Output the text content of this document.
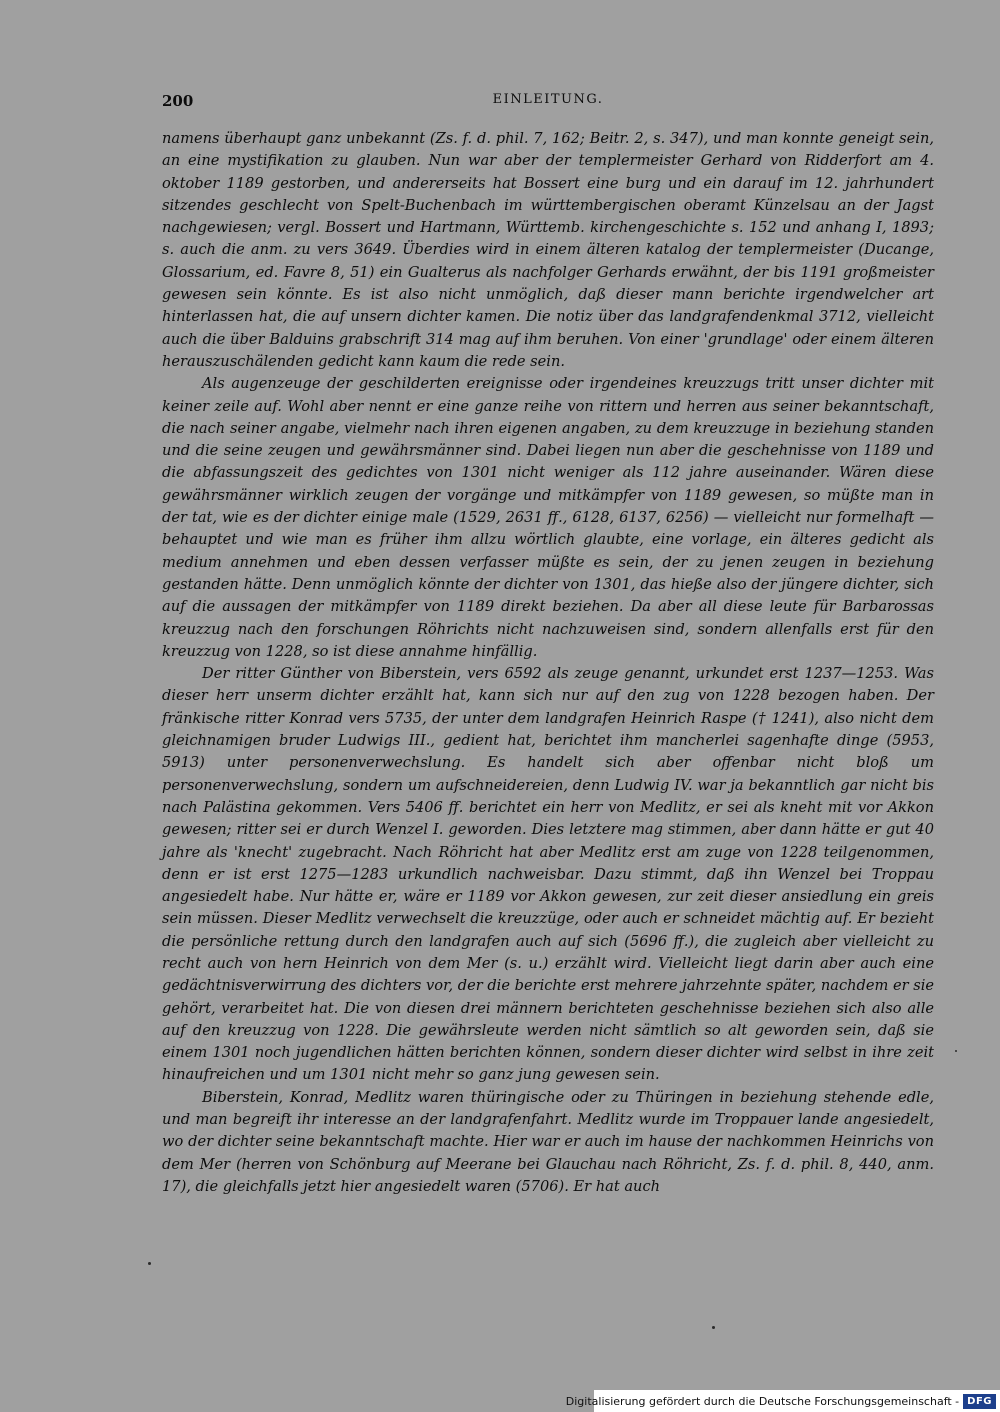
200	EINLEITUNG.

namens überhaupt ganz unbekannt (Zs. f. d. phil. 7, 162; Beitr. 2, s. 347), und man konnte geneigt sein, an eine mystifikation zu glauben. Nun war aber der templermeister Gerhard von Ridderfort am 4. oktober 1189 gestorben, und andererseits hat Bossert eine burg und ein darauf im 12. jahrhundert sitzendes geschlecht von Spelt-Buchenbach im württembergischen oberamt Künzelsau an der Jagst nachgewiesen; vergl. Bossert und Hartmann, Württemb. kirchengeschichte s. 152 und anhang I, 1893; s. auch die anm. zu vers 3649. Überdies wird in einem älteren katalog der templermeister (Ducange, Glossarium, ed. Favre 8, 51) ein Gualterus als nachfolger Gerhards erwähnt, der bis 1191 großmeister gewesen sein könnte. Es ist also nicht unmöglich, daß dieser mann berichte irgendwelcher art hinterlassen hat, die auf unsern dichter kamen. Die notiz über das landgrafendenkmal 3712, vielleicht auch die über Balduins grabschrift 314 mag auf ihm beruhen. Von einer 'grundlage' oder einem älteren herauszuschälenden gedicht kann kaum die rede sein.

Als augenzeuge der geschilderten ereignisse oder irgendeines kreuzzugs tritt unser dichter mit keiner zeile auf. Wohl aber nennt er eine ganze reihe von rittern und herren aus seiner bekanntschaft, die nach seiner angabe, vielmehr nach ihren eigenen angaben, zu dem kreuzzuge in beziehung standen und die seine zeugen und gewährsmänner sind. Dabei liegen nun aber die geschehnisse von 1189 und die abfassungszeit des gedichtes von 1301 nicht weniger als 112 jahre auseinander. Wären diese gewährsmänner wirklich zeugen der vorgänge und mitkämpfer von 1189 gewesen, so müßte man in der tat, wie es der dichter einige male (1529, 2631 ff., 6128, 6137, 6256) — vielleicht nur formelhaft — behauptet und wie man es früher ihm allzu wörtlich glaubte, eine vorlage, ein älteres gedicht als medium annehmen und eben dessen verfasser müßte es sein, der zu jenen zeugen in beziehung gestanden hätte. Denn unmöglich könnte der dichter von 1301, das hieße also der jüngere dichter, sich auf die aussagen der mitkämpfer von 1189 direkt beziehen. Da aber all diese leute für Barbarossas kreuzzug nach den forschungen Röhrichts nicht nachzuweisen sind, sondern allenfalls erst für den kreuzzug von 1228, so ist diese annahme hinfällig.

Der ritter Günther von Biberstein, vers 6592 als zeuge genannt, urkundet erst 1237—1253. Was dieser herr unserm dichter erzählt hat, kann sich nur auf den zug von 1228 bezogen haben. Der fränkische ritter Konrad vers 5735, der unter dem landgrafen Heinrich Raspe († 1241), also nicht dem gleichnamigen bruder Ludwigs III., gedient hat, berichtet ihm mancherlei sagenhafte dinge (5953, 5913) unter personenverwechslung. Es handelt sich aber offenbar nicht bloß um personenverwechslung, sondern um aufschneidereien, denn Ludwig IV. war ja bekanntlich gar nicht bis nach Palästina gekommen. Vers 5406 ff. berichtet ein herr von Medlitz, er sei als kneht mit vor Akkon gewesen; ritter sei er durch Wenzel I. geworden. Dies letztere mag stimmen, aber dann hätte er gut 40 jahre als 'knecht' zugebracht. Nach Röhricht hat aber Medlitz erst am zuge von 1228 teilgenommen, denn er ist erst 1275—1283 urkundlich nachweisbar. Dazu stimmt, daß ihn Wenzel bei Troppau angesiedelt habe. Nur hätte er, wäre er 1189 vor Akkon gewesen, zur zeit dieser ansiedlung ein greis sein müssen. Dieser Medlitz verwechselt die kreuzzüge, oder auch er schneidet mächtig auf. Er bezieht die persönliche rettung durch den landgrafen auch auf sich (5696 ff.), die zugleich aber vielleicht zu recht auch von hern Heinrich von dem Mer (s. u.) erzählt wird. Vielleicht liegt darin aber auch eine gedächtnisverwirrung des dichters vor, der die berichte erst mehrere jahrzehnte später, nachdem er sie gehört, verarbeitet hat. Die von diesen drei männern berichteten geschehnisse beziehen sich also alle auf den kreuzzug von 1228. Die gewährsleute werden nicht sämtlich so alt geworden sein, daß sie einem 1301 noch jugendlichen hätten berichten können, sondern dieser dichter wird selbst in ihre zeit hinaufreichen und um 1301 nicht mehr so ganz jung gewesen sein.

Biberstein, Konrad, Medlitz waren thüringische oder zu Thüringen in beziehung stehende edle, und man begreift ihr interesse an der landgrafenfahrt. Medlitz wurde im Troppauer lande angesiedelt, wo der dichter seine bekanntschaft machte. Hier war er auch im hause der nachkommen Heinrichs von dem Mer (herren von Schönburg auf Meerane bei Glauchau nach Röhricht, Zs. f. d. phil. 8, 440, anm. 17), die gleichfalls jetzt hier angesiedelt waren (5706). Er hat auch

Digitalisierung gefördert durch die Deutsche Forschungsgemeinschaft - DFG
